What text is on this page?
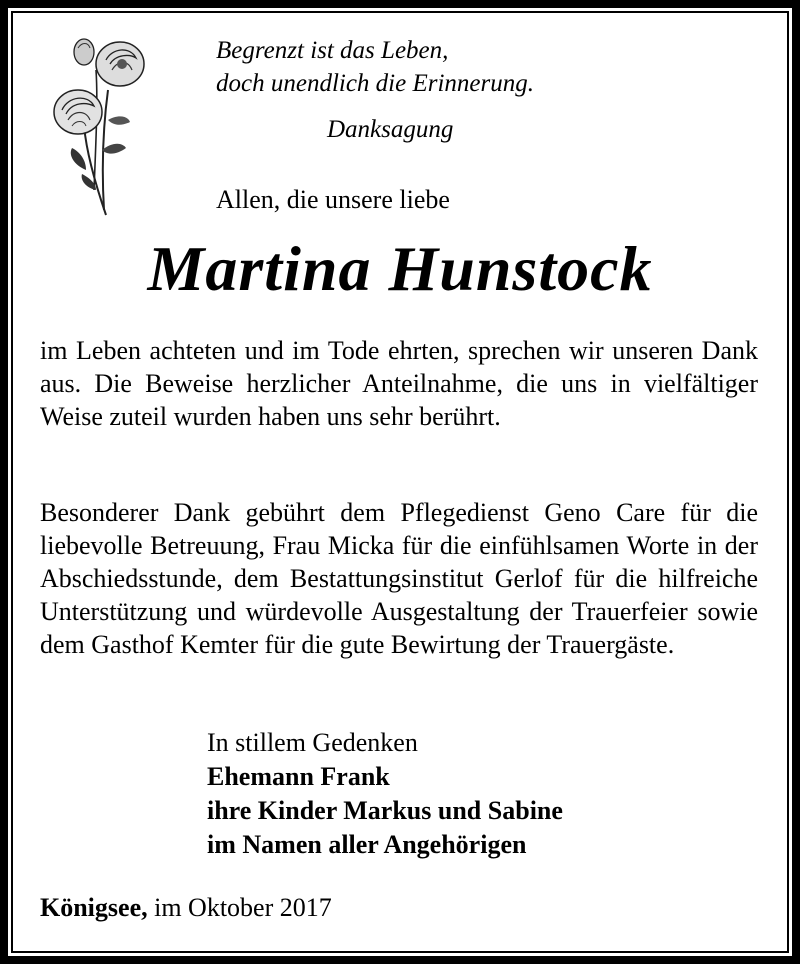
Begrenzt ist das Leben,
doch unendlich die Erinnerung.
Danksagung
Allen, die unsere liebe
Martina Hunstock
im Leben achteten und im Tode ehrten, sprechen wir unseren Dank aus. Die Beweise herzlicher Anteilnahme, die uns in vielfältiger Weise zuteil wurden haben uns sehr berührt.
Besonderer Dank gebührt dem Pflegedienst Geno Care für die liebevolle Betreuung, Frau Micka für die einfühlsamen Worte in der Abschiedsstunde, dem Bestattungsinstitut Gerlof für die hilfreiche Unterstützung und würdevolle Ausgestaltung der Trauerfeier sowie dem Gasthof Kemter für die gute Bewirtung der Trauergäste.
In stillem Gedenken
Ehemann Frank
ihre Kinder Markus und Sabine
im Namen aller Angehörigen
Königsee, im Oktober 2017
